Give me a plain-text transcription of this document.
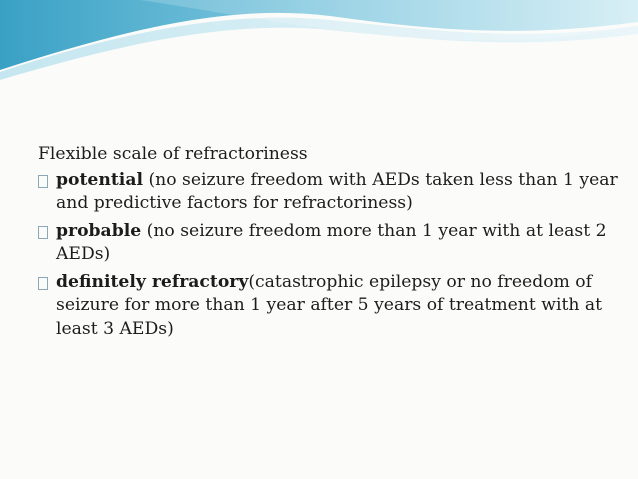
Flexible scale of refractoriness

potential (no seizure freedom with AEDs taken less than 1 year and predictive factors for refractoriness)
probable (no seizure freedom more than 1 year with at least 2 AEDs)
definitely refractory(catastrophic epilepsy or no freedom of seizure for more than 1 year after 5 years of treatment with at least 3 AEDs)
